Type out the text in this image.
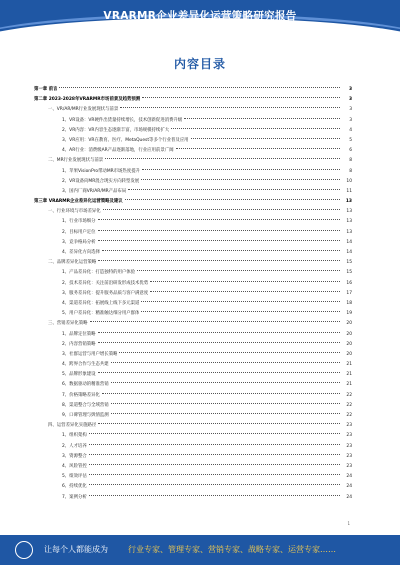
VRARMR企业差异化运营策略研究报告
内容目录
第一章 前言	3
第二章 2023-2028年VRARMR市场前景及趋势预测	3
一、VR/AR/MR行业发展现状与前景	3
1、VR设备：VR硬件出货量持续增长，技术创新促进消费升级	3
2、VR内容：VR内容生态逐渐丰富，市场规模持续扩大	4
3、VR应用：VR在教育、医疗、MetaQuest等多个行业普及应用	5
4、AR行业：消费级AR产品逐渐落地，行业应用前景广阔	6
二、MR行业发展现状与前景	8
1、苹果VisionPro带动MR市场热度提升	8
2、VR设备向MR混合现实方向转型发展	10
3、国内厂商VR/AR/MR产品布局	11
第三章 VRARMR企业差异化运营策略及建议	13
一、行业环境与市场差异化	13
1、行业市场细分	13
2、目标用户定位	13
3、竞争格局分析	14
4、差异化方向选择	14
二、品牌差异化运营策略	15
1、产品差异化：打造独特的用户体验	15
2、技术差异化：关注前沿研发形成技术优势	16
3、服务差异化：提升服务品质与客户满意度	17
4、渠道差异化：拓展线上线下多元渠道	18
5、用户差异化：精准触达细分用户群体	19
三、营销差异化策略	20
1、品牌定位策略	20
2、内容营销策略	20
3、社群运营与用户增长策略	20
4、跨界合作与生态共建	21
5、品牌形象建设	21
6、数据驱动的精准营销	21
7、价格策略差异化	22
8、渠道整合与全域营销	22
9、口碑管理与舆情监测	22
四、运营差异化实施路径	23
1、组织架构	23
2、人才培养	23
3、资源整合	23
4、风险管控	23
5、绩效评估	24
6、持续优化	24
7、案例分析	24
1
让每个人都能成为	行业专家、管理专家、营销专家、战略专家、运营专家……
